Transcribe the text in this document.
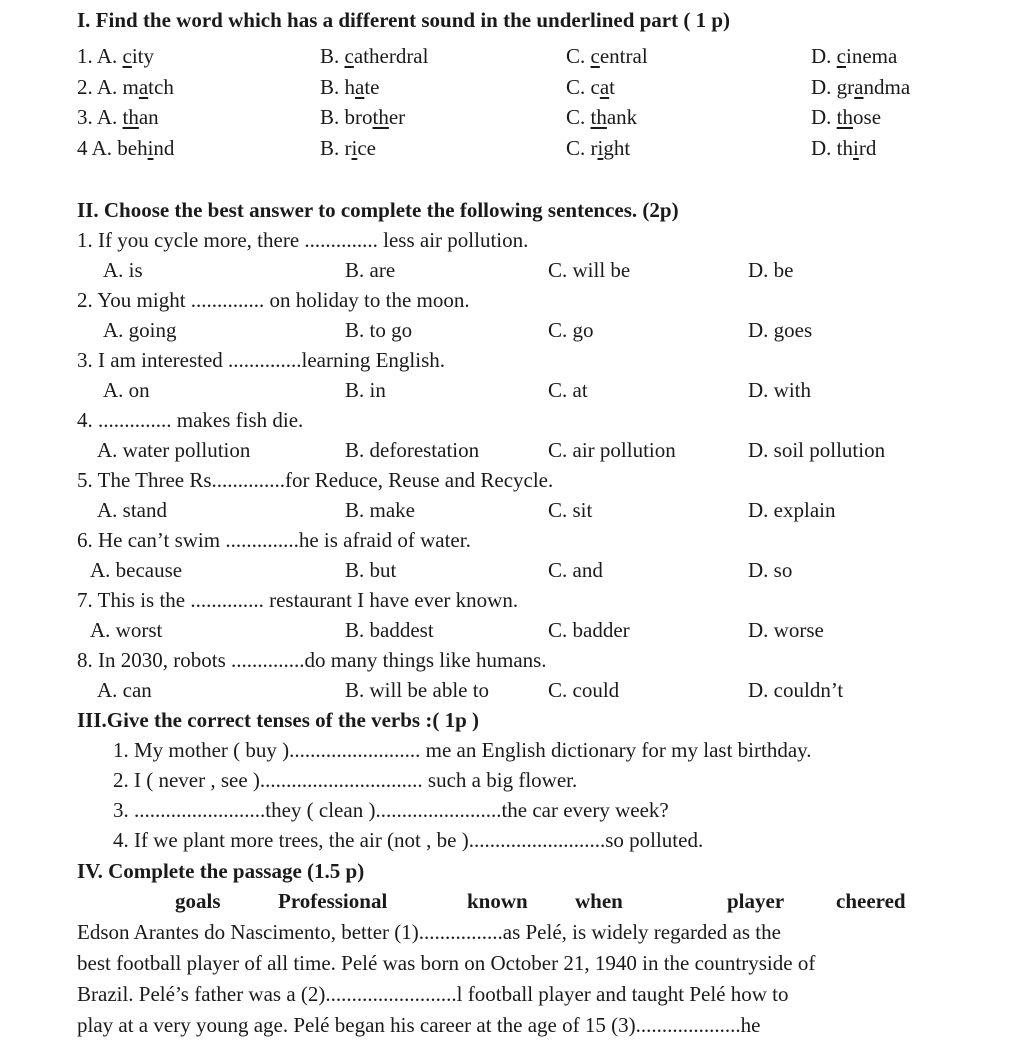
I. Find the word which has a different sound in the underlined part ( 1 p)
1. A. city	B. catherdral	C. central	D. cinema
2. A. match	B. hate	C. cat	D. grandma
3. A. than	B. brother	C. thank	D. those
4 A. behind	B. rice	C. right	D. third
II. Choose the best answer to complete the following sentences. (2p)
1. If you cycle more, there .............. less air pollution.
A. is	B. are	C. will be	D. be
2. You might .............. on holiday to the moon.
A. going	B. to go	C. go	D. goes
3. I am interested ..............learning English.
A. on	B. in	C. at	D. with
4. .............. makes fish die.
A. water pollution	B. deforestation	C. air pollution	D. soil pollution
5. The Three Rs..............for Reduce, Reuse and Recycle.
A. stand	B. make	C. sit	D. explain
6. He can’t swim ..............he is afraid of water.
A. because	B. but	C. and	D. so
7. This is the .............. restaurant I have ever known.
A. worst	B. baddest	C. badder	D. worse
8. In 2030, robots ..............do many things like humans.
A. can	B. will be able to	C. could	D. couldn’t
III.Give the correct tenses of the verbs :( 1p )
1. My mother ( buy )......................... me an English dictionary for my last birthday.
2. I ( never , see )............................... such a big flower.
3. .........................they ( clean )........................the car every week?
4. If we plant more trees, the air (not , be )..........................so polluted.
IV. Complete the passage (1.5 p)
goals	Professional	known when	player cheered
Edson Arantes do Nascimento, better (1)................as Pelé, is widely regarded as the
best football player of all time. Pelé was born on October 21, 1940 in the countryside of
Brazil. Pelé’s father was a (2).........................l football player and taught Pelé how to
play at a very young age. Pelé began his career at the age of 15 (3)....................he
